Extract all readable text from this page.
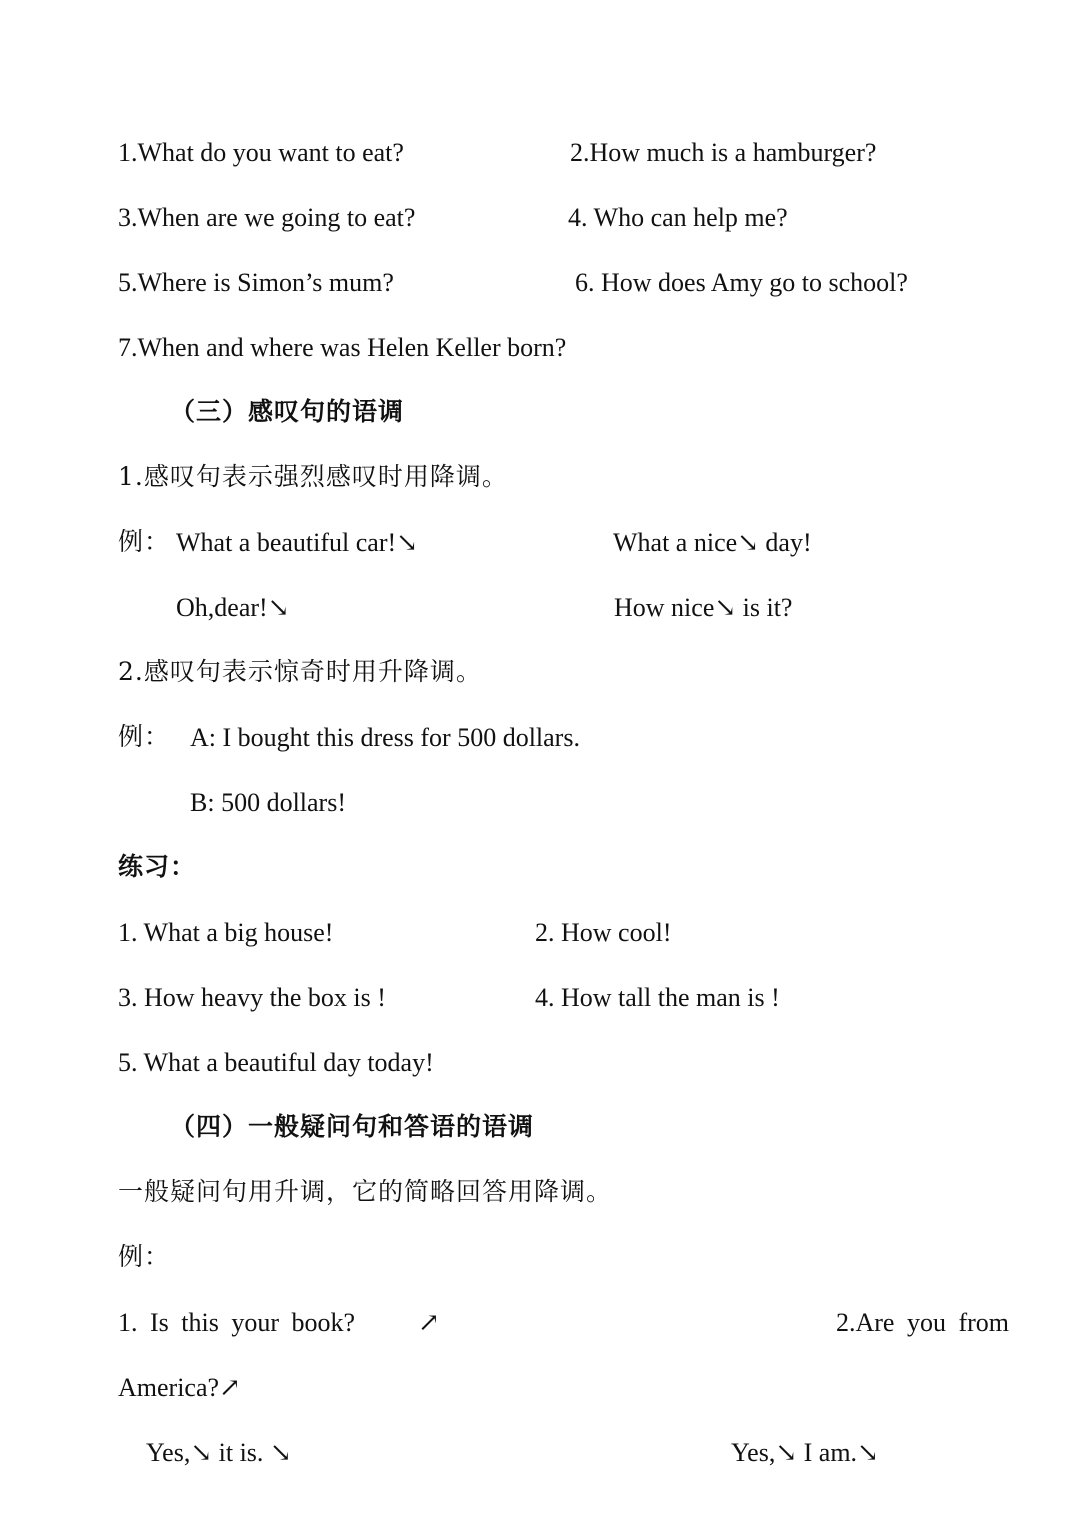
1.What do you want to eat?	2.How much is a hamburger?
3.When are we going to eat?	4. Who can help me?
5.Where is Simon’s mum?	6. How does Amy go to school?
7.When and where was Helen Keller born?
（三）感叹句的语调
1.感叹句表示强烈感叹时用降调。
例： What a beautiful car!↘	What a nice↘ day!
Oh,dear!↘	How nice↘ is it?
2.感叹句表示惊奇时用升降调。
例： A: I bought this dress for 500 dollars.
B: 500 dollars!
练习：
1. What a big house!	2. How cool!
3. How heavy the box is !	4. How tall the man is !
5. What a beautiful day today!
（四）一般疑问句和答语的语调
一般疑问句用升调，它的简略回答用降调。
例：
1. Is this your book? ↗	2.Are you from
America?↗
Yes,↘ it is. ↘	Yes,↘ I am.↘
